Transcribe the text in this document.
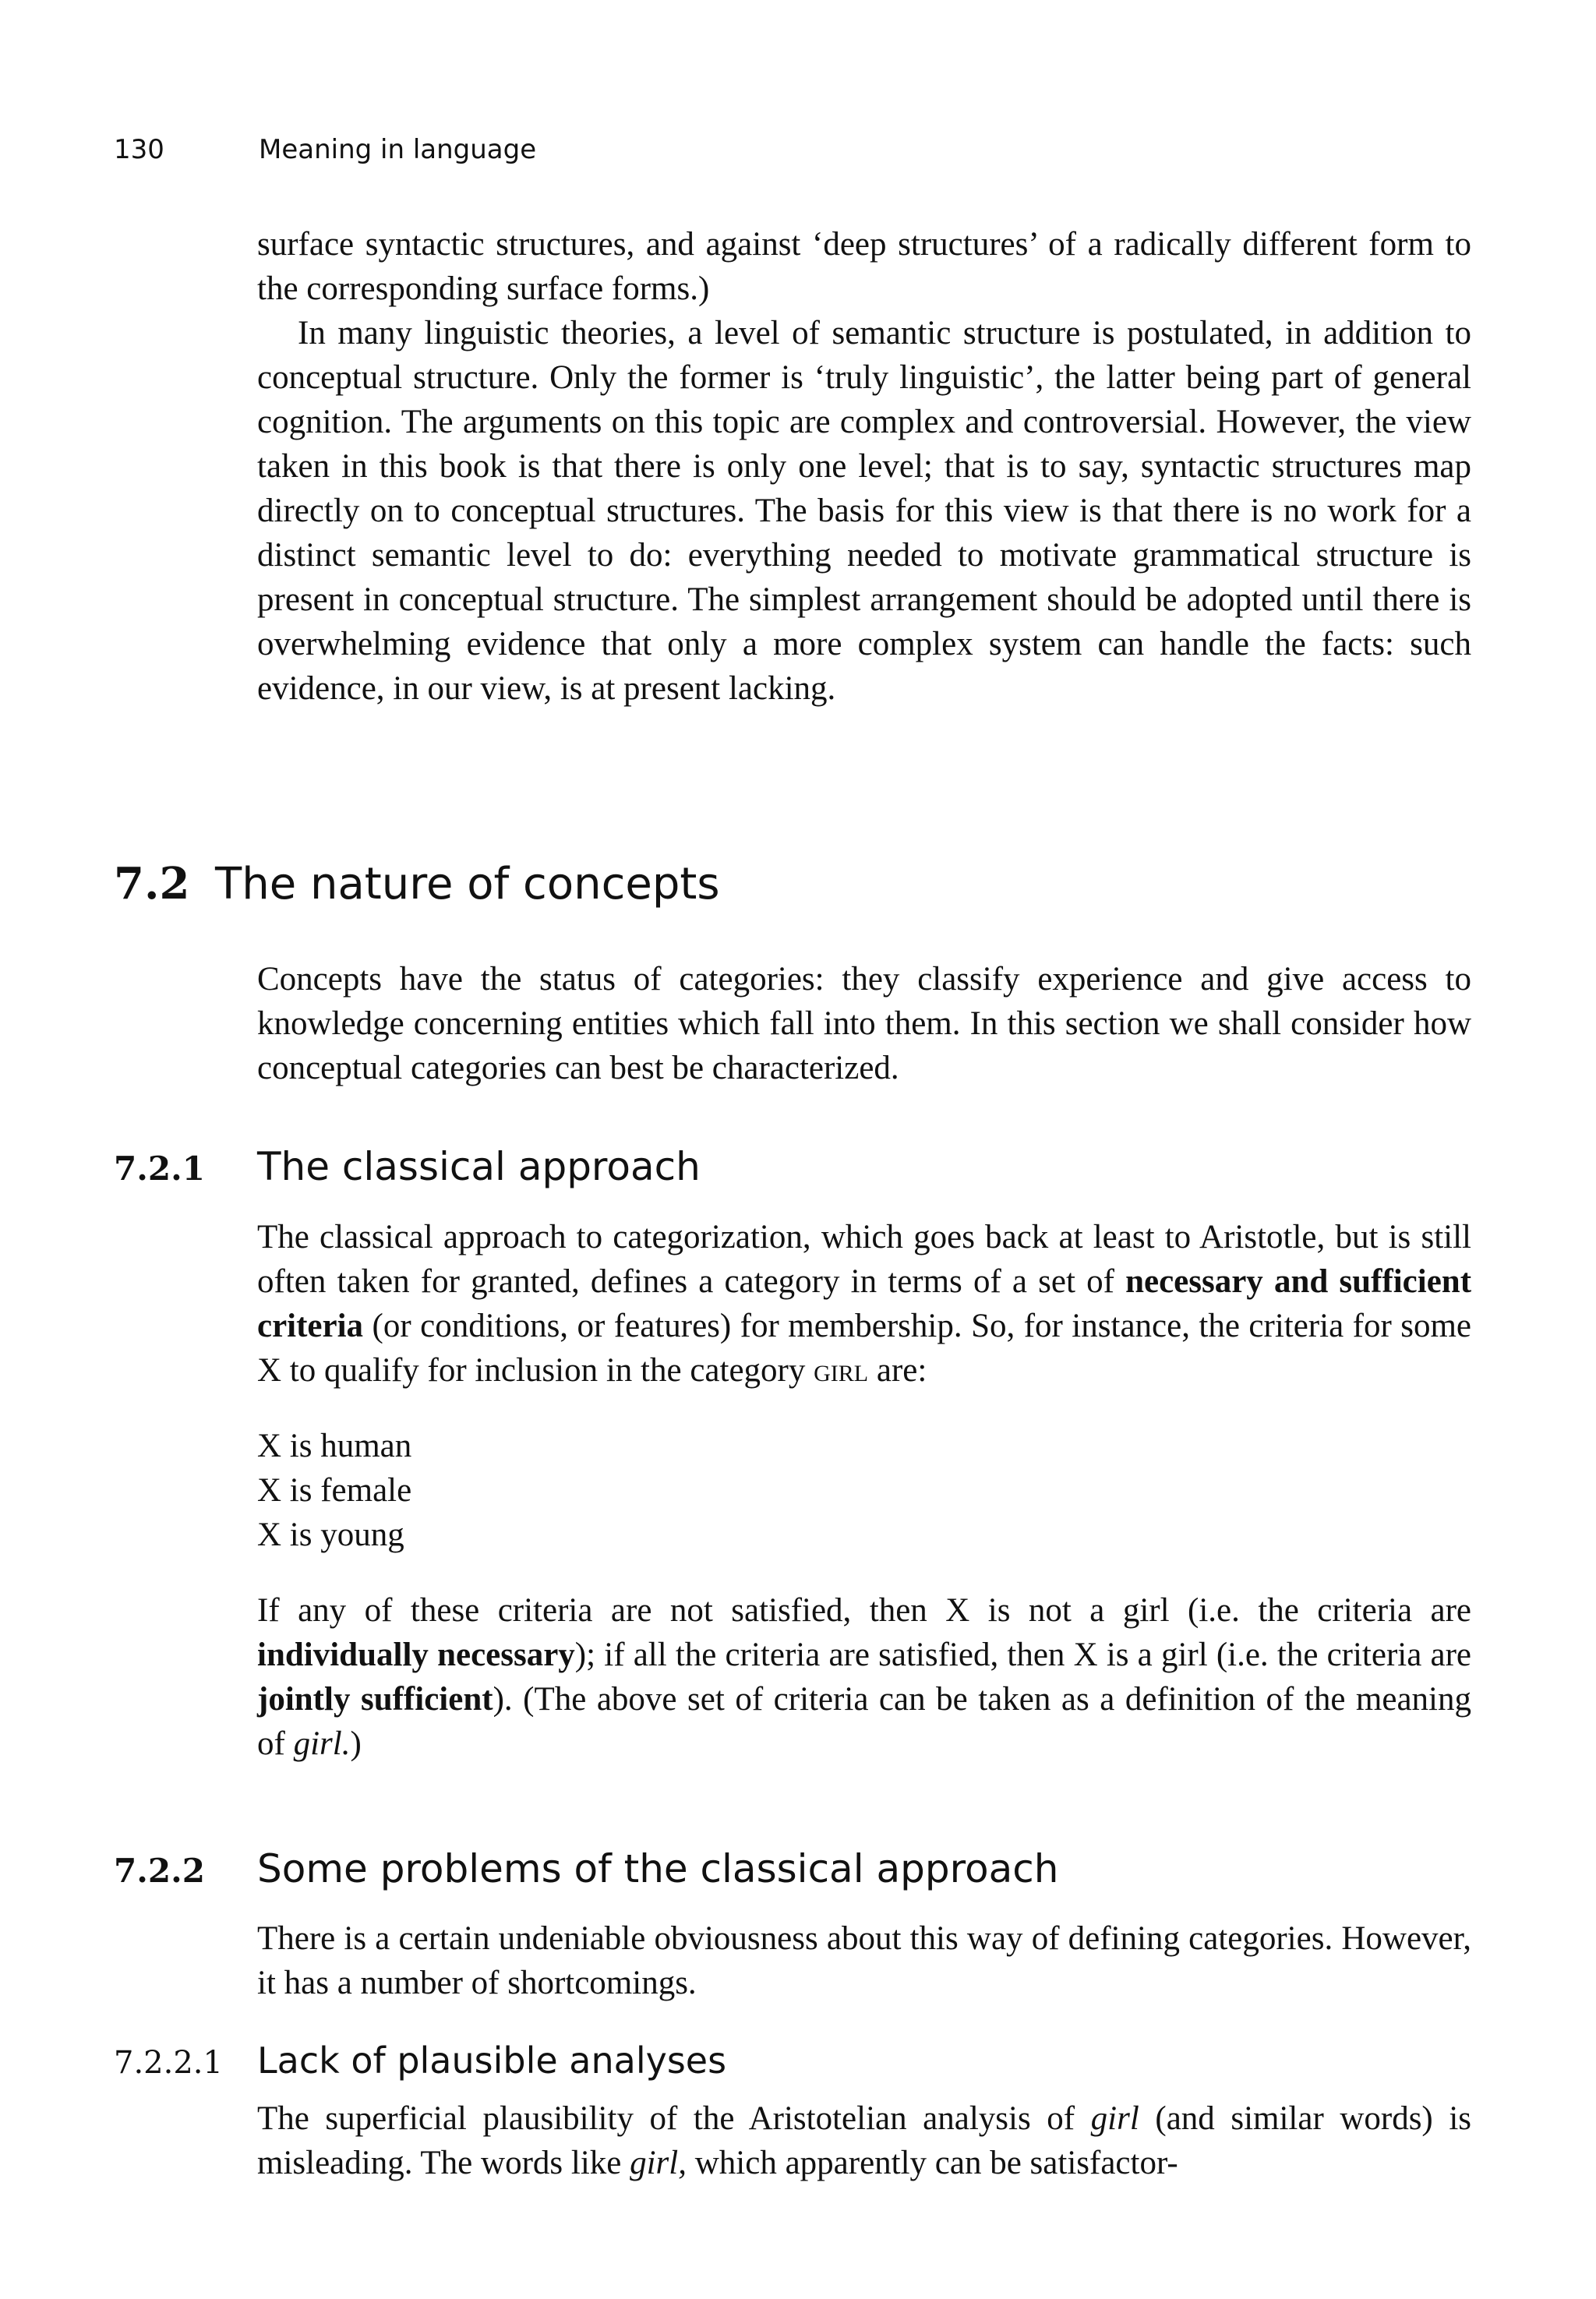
130	Meaning in language

surface syntactic structures, and against ‘deep structures’ of a radically different form to the corresponding surface forms.)

In many linguistic theories, a level of semantic structure is postulated, in addition to conceptual structure. Only the former is ‘truly linguistic’, the latter being part of general cognition. The arguments on this topic are complex and controversial. However, the view taken in this book is that there is only one level; that is to say, syntactic structures map directly on to conceptual structures. The basis for this view is that there is no work for a distinct semantic level to do: everything needed to motivate grammatical structure is present in conceptual structure. The simplest arrangement should be adopted until there is overwhelming evidence that only a more complex system can handle the facts: such evidence, in our view, is at present lacking.

7.2 The nature of concepts

Concepts have the status of categories: they classify experience and give access to knowledge concerning entities which fall into them. In this section we shall consider how conceptual categories can best be characterized.

7.2.1 The classical approach

The classical approach to categorization, which goes back at least to Aristotle, but is still often taken for granted, defines a category in terms of a set of necessary and sufficient criteria (or conditions, or features) for membership. So, for instance, the criteria for some X to qualify for inclusion in the category girl are:

X is human

X is female

X is young

If any of these criteria are not satisfied, then X is not a girl (i.e. the criteria are individually necessary); if all the criteria are satisfied, then X is a girl (i.e. the criteria are jointly sufficient). (The above set of criteria can be taken as a definition of the meaning of girl.)

7.2.2 Some problems of the classical approach

There is a certain undeniable obviousness about this way of defining categories. However, it has a number of shortcomings.

7.2.2.1 Lack of plausible analyses

The superficial plausibility of the Aristotelian analysis of girl (and similar words) is misleading. The words like girl, which apparently can be satisfactor-
